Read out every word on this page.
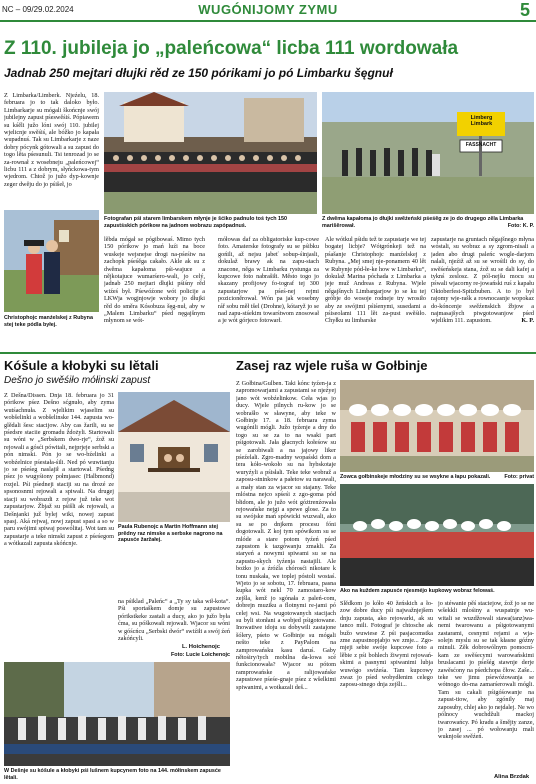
NC – 09/29.02.2024	WUGÓNIJOMY ZYMU	5
Z 110. jubileja jo „paleńcowa“ licba 111 wordowała
Jadnab 250 mejtari dłujki rěd ze 150 pórikami jo pó Limbarku šęgnuł
Z Limbarka/Limberk. Njeźelu, 18. februara jo to tak daloko było. Limbarkarje su mógali škońcnje swój jubilejny zapust pśeswěśiś. Pópiawem su kśěli južo lóni swój 110. jubilej wjelicnje swěśiś, ale bóžko jo kapała wupadnuś. Tak su Limbarkarje z naze dobry pócynk gótowali a su zapust do togo lěta pśesunuli. Tsi tenrozad jo se za-rownał z wosebneju „paleńcowej“ licbu 111 a z dobrym, słyńckowa-tym wjedrom. Chtož jo južo dyp-kownje zeger dwěju do jo pśišeł, jo
Christophojc manźelskej z Rubyna stej teke pódla byłej.
Fotografan pśi starem limbarskem młynje je šćiko padnulo toś tych 150 zapustśskich pórikow na jadnom wobrazu zapópadnuś.
Limberg
Limbark
FASSNACHT
Z dwěma kapałoma jo dłujki swěźeński pśeśěg ze jo do drugego zěla Limbarka marišěrował.	Foto: K. P.
lěbda mógał se pógibowaś. Mimo tych 150 pórikow jo mań luźi na boce wuskeje wejsnejse drogi na-pśeśiw na zachopk pśeśěga cakało. Akle ak su z dwěma kapałoma pśi-wajuce a nějkotajuce wumarśero-wali, jo celý, jadnab 250 mejtari dłujki pśiśny rěd wiźeś był. Pśewóźone wót policije a LKWja wogjnjowje wobory jo dłujki rěd do směra Kósobuza šęg-nuł, aby w „Malem Limbarku“ pśed nęgajšnym młynom se wót-
mółowas daf za obligatoriske kup-cowe foto. Amaterske fotografy su se pśibku gońili, až nejsu jabeť sobup-śinjasli, dokulaž brawy ak na zapu-stach znacone, něga w Limbarku rystunga za kupcowe foto nabrašiłi. Město togo jo skazany profijowy fo-tograf tej 300 zapustarjow pa pśeś-nej rejmi pozicioněrował. Wón pa jak wosebny rář sobu měł tšel (Drohne), kótaryž jo se nad zapu-stśekim towarśtwom znosował a je wót górjeco fotowarł.
Ale wótkul pśidu tež te zapustarje we tej bogatej licbje? Wótgrónkeji tež na pśašanje Christophojc manźelskej z Rubyna. „Mej smej nje-ponamem 40 lět w Rubynje pód-łe-ke how w Limbarku“, dokulaž Marina póchada z Limbarka a jeje muž Andreas z Rubyna. Wjele něgajšnych Limbargarjow jo se ku tej gróbje do wosoje rodneje try wrosiło aby ze swójimi pśiśenymi, susedami a pśiseolami 111 lět za-pust swěśiło. Chyłku su limbarske
zapustarje na gruntach něgajšnego młyna wóstali, su wobraz a sy zgrom-nisali a jaden abo drugi paleńc wogle-darjom nalali, njeźiž až su se wrośili do sy, do swěśeńskeja stana, źož su se dali kafej a tyknś zeslosz. Z pól-nejšu mocu su pśwali wjacorny re-jowański ruś z kapału Oktoberfest-Spitzbuben. A to jo był rajomy wje-rašk a rownocasnje wopokaz do-kóncenje swěźenskich žbjow a najmasajšych piwgotowanjow pśed wjelikim 111. zapustom.	K. P.
Kóšule a kłobyki su lětali
Dešno jo swěśiło mółinski zapust
Z Dešna/Dissen. Dnja 18. februara jo 31 pórikow pśez Dešno sćgnuło, aby zyma wutśachnuła. Z wjelikim wjaselim su wobšelinki a wobšelinske 144. zapusta wo-glědali šesc stacijow. Aby cas žarili, su se pśedsre staciie gromadu ždożyli. Startowali su wóni w „Serbskem dwo-rje“, źož su rejowali a gósći pówitali, nejprjeje serbski a pón nimski. Pón jo se wo-bźelinki a wobźelnice pśestała-śili. Ned pó wuwitanju jo se pśeśeg naslajił a startował. Pśedng pśez jo wugyśiony połmjasec (Halbmond) rozjel. Pśi pśedneji staciji su na drozé ze spsonosnmi rejowali a spiwali. Na drugej stacji su wobrazdi z rejow juž teke wot zapustarjow. Žbjaž su pśišli ak rejowali, a Dešnjanki juž bylej wiki, nowej zapust spasj. Aká rejwaj, nowj zapust spasi a so w paru swójimi spiwaj poswólitaj. Wot tam su zapustarje a teke nimski zapust z pśeśegom a wótkazali zapusta skóńcnje.
Paula Rubenojc a Martin Hoffmann stej prědny raz nimske a serbske nagrono na zapusće žaržałej.
na pśiklad „Paleńc“ a „Ty sy taka wił-kota“. Pśi sportaškem domje su zapustowe pórikstkeke zastali a ducy, ako jo južo była ćma, su póškowali rejowali. Wjacor su wóni w góścńcu „Serbski dwór“ swiźiłi a swój źeń zakóńcyli.
L. Hoichenojc
Foto: Lucie Loichenojc
W Dešnje su kóšule a kłobyki pśi lušnem kupcynem foto na 144. mółinskem zapusće lětali.
Zasej raz wjele ruša w Gołbinje
Z Gołbina/Gulben. Taki kónc tyźen-ja z zapromowarjami a zapustami se njeźyej jano wót wobźelinkow. Ceła wjas jo ducy. Wjele pilnych ru-kow jo se wobrašło w sławyne, aby teke w Gołbinje 17. a 18. februara zyma wugónili mógli. Južo tyźenje a dny do togo su se za to na wsaki part pśigotowali. Jała głacnych kołeśow su se zarobiwali a na jajowy liker pśeźelali. Zgro-madny wopaśski dom a tera kóło-wokoło su na hybskotaje wuryźyli a pśisłali. Teke teke wobraž a zaposu-stninkow a pałetow su narawali, a mały stan za wjacor su stajany. Teke mlóstna nejco spśeśi z zgo-goma pód błidom, ale jo južo wót góżtrenźowała rejowańske nejgi a spewe glose. Za to su swójske mań spówicki wuzwali, ako su se po dnjkem procesu fóni dogotowali. Z koj tym spówikom su se mlóde a stare potom tyźeń pśed zapustom k tazgówanju zmakli. Za staryeń a nowymi spiwami su se na zapustu-skych tyźenja nastajili. Ale bożko jo a źróźla chórosći nikotare k tonu nuskała, we toplej póstoli wostaś. Wjeto jo se sobotu, 17. februara, pasna kupka wót nekl 70 zamostaro-kow zejšla, kenž jo sgónała z paleń-com, dobrejn muziku a flotnymi re-jami pó celej wsi. Na wugotowanych stacijach su byli stonłani a wobjed pśigotowane. Inowatiwe idoju su dobywili zastajone šólery, pśeto w Gołbinje su mógali nešto teke z PayPalom na zamprowańsku kasu daruś. Gaby nětośiry/tych mobilna da-lowa scé funkcionowała? Wjacor su pótom ramprowańske a ralijowańske zapustowe pśeśe-gnaje pśez z wšelkimi spiwanimi, a wotkazali deš...
Žowca gołbinskeje młodziny su se wsykne a łapu pokazali.	Foto: privat
Ako na kuždem zapusće njesméjo kupkowy wobraz felowaś.
Slědkom jo kóło 40 žeńskich a ło-zow dobre ducy pśi najwažnjejšem dnju zapusta, ako rejowarki, ak su tanco mili. Fotograf je chtosche ak bužo wuwiese Z pśi pasjacomstka zme zapustnopjabjo we zmje... Zgo-mjeji sebie swóje kupcowe foto a lěbie z pśi bohlech žiwymi rejowań-skimi a pasnymi spiwanimi lubja wuwógo swiźeśa. Tam kupcowy zwaz jo pśed wobydłenim celego zaposu-stnego dnja zejšli...
jo stéwanie pěś staciejow, źož jo se ne wšekkli mlośiny a wuspatnje wu-witali se wuzdžowali stawa(tanz)wa-nemi twarowanu a pśigotowanymi zastarami, cesnymi rejami a wja-solejn myslu su se tak kłasne góźny minuli. Zěk dobrowólnym pomocni-kam ze swěśecymi warowańskimi bruslacami jo pśešég stawnje derje zawěsćony na pśedchopa čłow. Zaše... teke we jimu pśewóźowanja se wótnogo do-ma zamarśerowali mógli. Tam su cakali pśigóśowanje na zapust-tiow, aby zgónily maj zaposuby, chlej ako jo nejdalej. Ne wo pólnocy wuchdžuli mackoj twarowańcy. Pó kradu a šmějty zanze, jo zasej ... pó wołowanju mali wuknjoše swěźeń.
Alina Brzdak
